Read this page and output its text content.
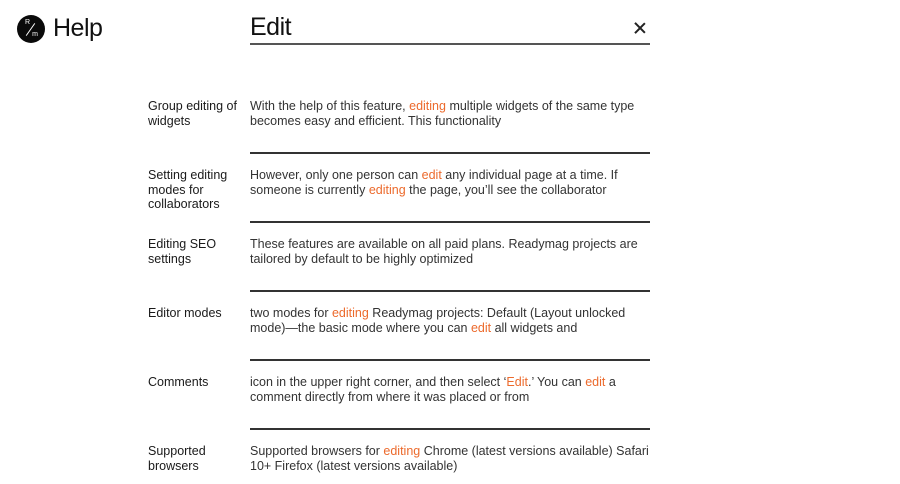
R
m Help
Edit
Group editing of widgets
With the help of this feature, editing multiple widgets of the same type becomes easy and efficient. This functionality
Setting editing modes for collaborators
However, only one person can edit any individual page at a time. If someone is currently editing the page, you’ll see the collaborator
Editing SEO settings
These features are available on all paid plans. Readymag projects are tailored by default to be highly optimized
Editor modes	two modes for editing Readymag projects: Default (Layout unlocked mode)—the basic mode where you can edit all widgets and
Comments	icon in the upper right corner, and then select ‘Edit.’ You can edit a comment directly from where it was placed or from
Supported browsers
Supported browsers for editing Chrome (latest versions available) Safari 10+ Firefox (latest versions available)
